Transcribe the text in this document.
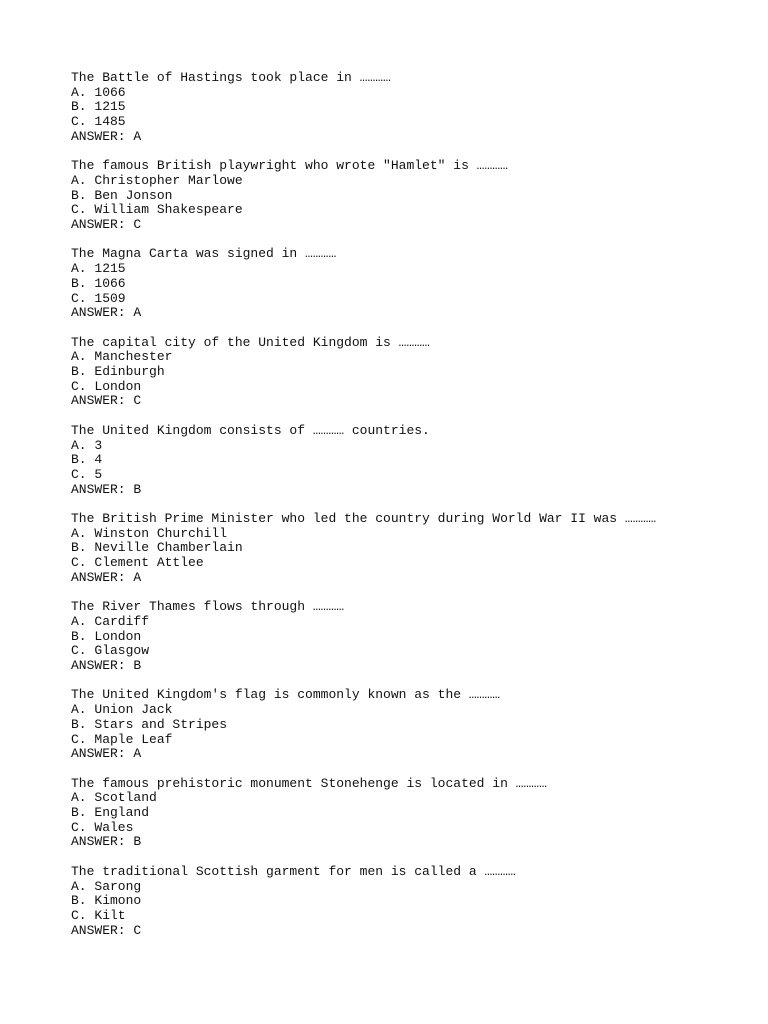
The Battle of Hastings took place in …………
A. 1066
B. 1215
C. 1485
ANSWER: A
The famous British playwright who wrote "Hamlet" is …………
A. Christopher Marlowe
B. Ben Jonson
C. William Shakespeare
ANSWER: C
The Magna Carta was signed in …………
A. 1215
B. 1066
C. 1509
ANSWER: A
The capital city of the United Kingdom is …………
A. Manchester
B. Edinburgh
C. London
ANSWER: C
The United Kingdom consists of ………… countries.
A. 3
B. 4
C. 5
ANSWER: B
The British Prime Minister who led the country during World War II was …………
A. Winston Churchill
B. Neville Chamberlain
C. Clement Attlee
ANSWER: A
The River Thames flows through …………
A. Cardiff
B. London
C. Glasgow
ANSWER: B
The United Kingdom's flag is commonly known as the …………
A. Union Jack
B. Stars and Stripes
C. Maple Leaf
ANSWER: A
The famous prehistoric monument Stonehenge is located in …………
A. Scotland
B. England
C. Wales
ANSWER: B
The traditional Scottish garment for men is called a …………
A. Sarong
B. Kimono
C. Kilt
ANSWER: C
